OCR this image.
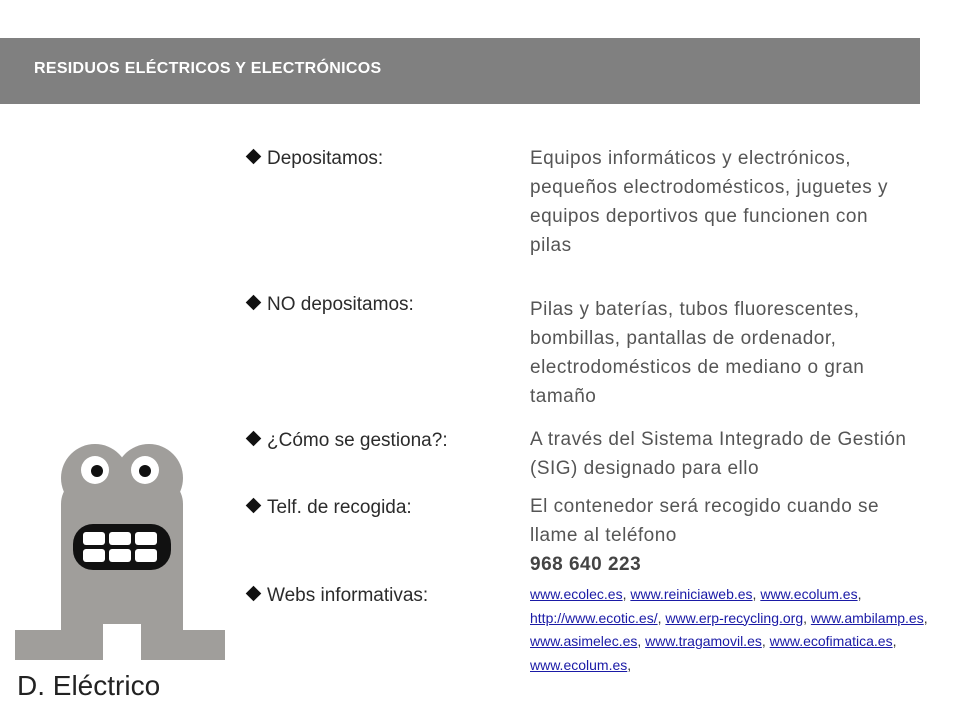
RESIDUOS ELÉCTRICOS Y ELECTRÓNICOS
Depositamos:	Equipos informáticos y electrónicos, pequeños electrodomésticos, juguetes y equipos deportivos que funcionen con pilas
NO depositamos:	Pilas y baterías, tubos fluorescentes, bombillas, pantallas de ordenador, electrodomésticos de mediano o gran tamaño
¿Cómo se gestiona?:	A través del Sistema Integrado de Gestión (SIG) designado para ello
Telf. de recogida:	El contenedor será recogido cuando se llame al teléfono
968 640 223
Webs informativas:	www.ecolec.es, www.reiniciaweb.es, www.ecolum.es, http://www.ecotic.es/, www.erp-recycling.org, www.ambilamp.es, www.asimelec.es, www.tragamovil.es, www.ecofimatica.es, www.ecolum.es,
D. Eléctrico
